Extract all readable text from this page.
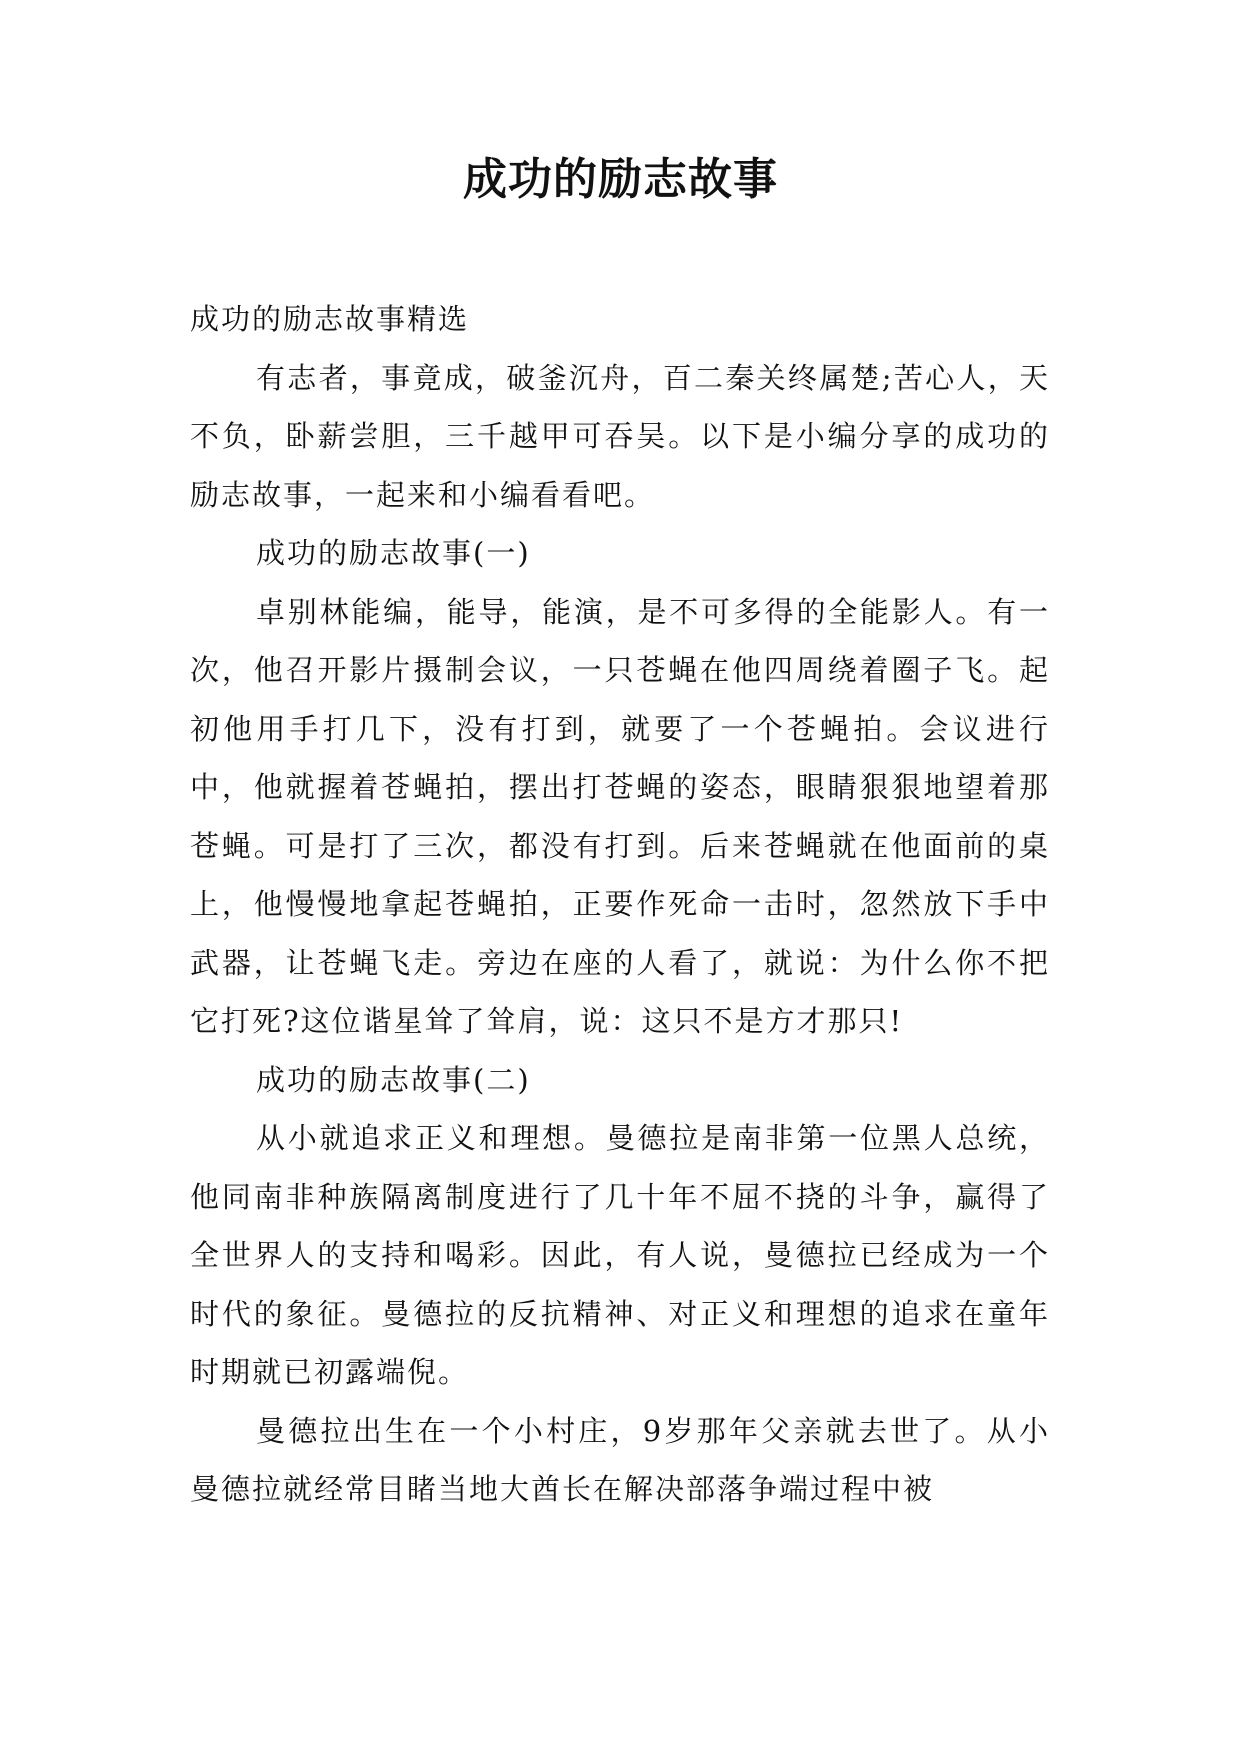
成功的励志故事

成功的励志故事精选

有志者，事竟成，破釜沉舟，百二秦关终属楚;苦心人，天不负，卧薪尝胆，三千越甲可吞吴。以下是小编分享的成功的励志故事，一起来和小编看看吧。

成功的励志故事(一)

卓别林能编，能导，能演，是不可多得的全能影人。有一次，他召开影片摄制会议，一只苍蝇在他四周绕着圈子飞。起初他用手打几下，没有打到，就要了一个苍蝇拍。会议进行中，他就握着苍蝇拍，摆出打苍蝇的姿态，眼睛狠狠地望着那苍蝇。可是打了三次，都没有打到。后来苍蝇就在他面前的桌上，他慢慢地拿起苍蝇拍，正要作死命一击时，忽然放下手中武器，让苍蝇飞走。旁边在座的人看了，就说：为什么你不把它打死?这位谐星耸了耸肩，说：这只不是方才那只!

成功的励志故事(二)

从小就追求正义和理想。曼德拉是南非第一位黑人总统，他同南非种族隔离制度进行了几十年不屈不挠的斗争，赢得了全世界人的支持和喝彩。因此，有人说，曼德拉已经成为一个时代的象征。曼德拉的反抗精神、对正义和理想的追求在童年时期就已初露端倪。

曼德拉出生在一个小村庄，9岁那年父亲就去世了。从小曼德拉就经常目睹当地大酋长在解决部落争端过程中被
